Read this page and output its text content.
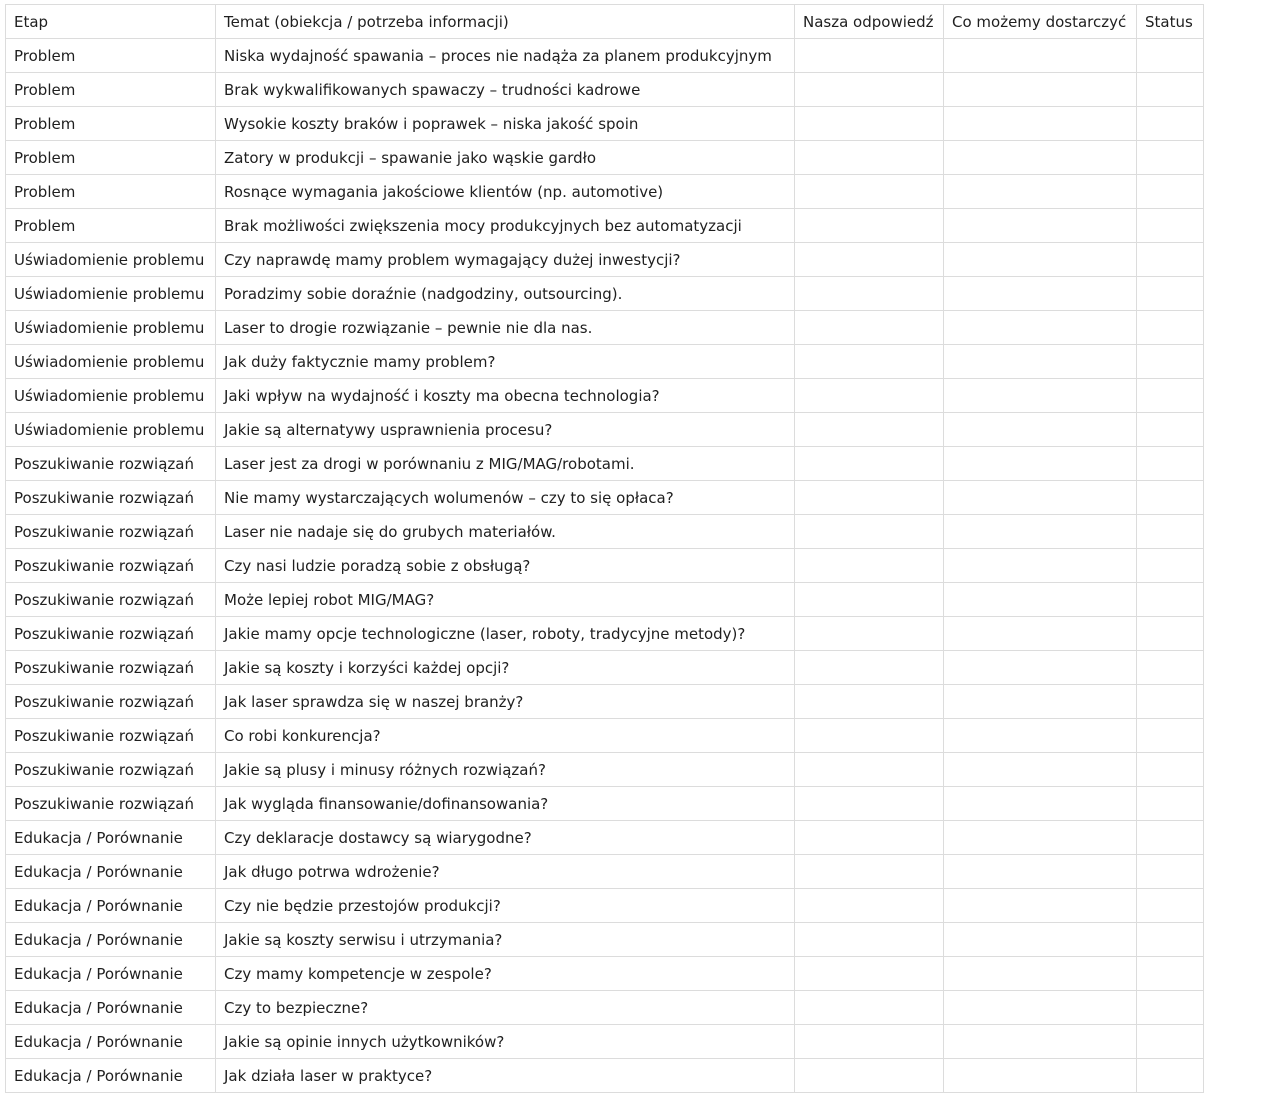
Etap	Temat (obiekcja / potrzeba informacji)	Nasza odpowiedź	Co możemy dostarczyć	Status
Problem	Niska wydajność spawania – proces nie nadąża za planem produkcyjnym			
Problem	Brak wykwalifikowanych spawaczy – trudności kadrowe			
Problem	Wysokie koszty braków i poprawek – niska jakość spoin			
Problem	Zatory w produkcji – spawanie jako wąskie gardło			
Problem	Rosnące wymagania jakościowe klientów (np. automotive)			
Problem	Brak możliwości zwiększenia mocy produkcyjnych bez automatyzacji			
Uświadomienie problemu	Czy naprawdę mamy problem wymagający dużej inwestycji?			
Uświadomienie problemu	Poradzimy sobie doraźnie (nadgodziny, outsourcing).			
Uświadomienie problemu	Laser to drogie rozwiązanie – pewnie nie dla nas.			
Uświadomienie problemu	Jak duży faktycznie mamy problem?			
Uświadomienie problemu	Jaki wpływ na wydajność i koszty ma obecna technologia?			
Uświadomienie problemu	Jakie są alternatywy usprawnienia procesu?			
Poszukiwanie rozwiązań	Laser jest za drogi w porównaniu z MIG/MAG/robotami.			
Poszukiwanie rozwiązań	Nie mamy wystarczających wolumenów – czy to się opłaca?			
Poszukiwanie rozwiązań	Laser nie nadaje się do grubych materiałów.			
Poszukiwanie rozwiązań	Czy nasi ludzie poradzą sobie z obsługą?			
Poszukiwanie rozwiązań	Może lepiej robot MIG/MAG?			
Poszukiwanie rozwiązań	Jakie mamy opcje technologiczne (laser, roboty, tradycyjne metody)?			
Poszukiwanie rozwiązań	Jakie są koszty i korzyści każdej opcji?			
Poszukiwanie rozwiązań	Jak laser sprawdza się w naszej branży?			
Poszukiwanie rozwiązań	Co robi konkurencja?			
Poszukiwanie rozwiązań	Jakie są plusy i minusy różnych rozwiązań?			
Poszukiwanie rozwiązań	Jak wygląda finansowanie/dofinansowania?			
Edukacja / Porównanie	Czy deklaracje dostawcy są wiarygodne?			
Edukacja / Porównanie	Jak długo potrwa wdrożenie?			
Edukacja / Porównanie	Czy nie będzie przestojów produkcji?			
Edukacja / Porównanie	Jakie są koszty serwisu i utrzymania?			
Edukacja / Porównanie	Czy mamy kompetencje w zespole?			
Edukacja / Porównanie	Czy to bezpieczne?			
Edukacja / Porównanie	Jakie są opinie innych użytkowników?			
Edukacja / Porównanie	Jak działa laser w praktyce?			
